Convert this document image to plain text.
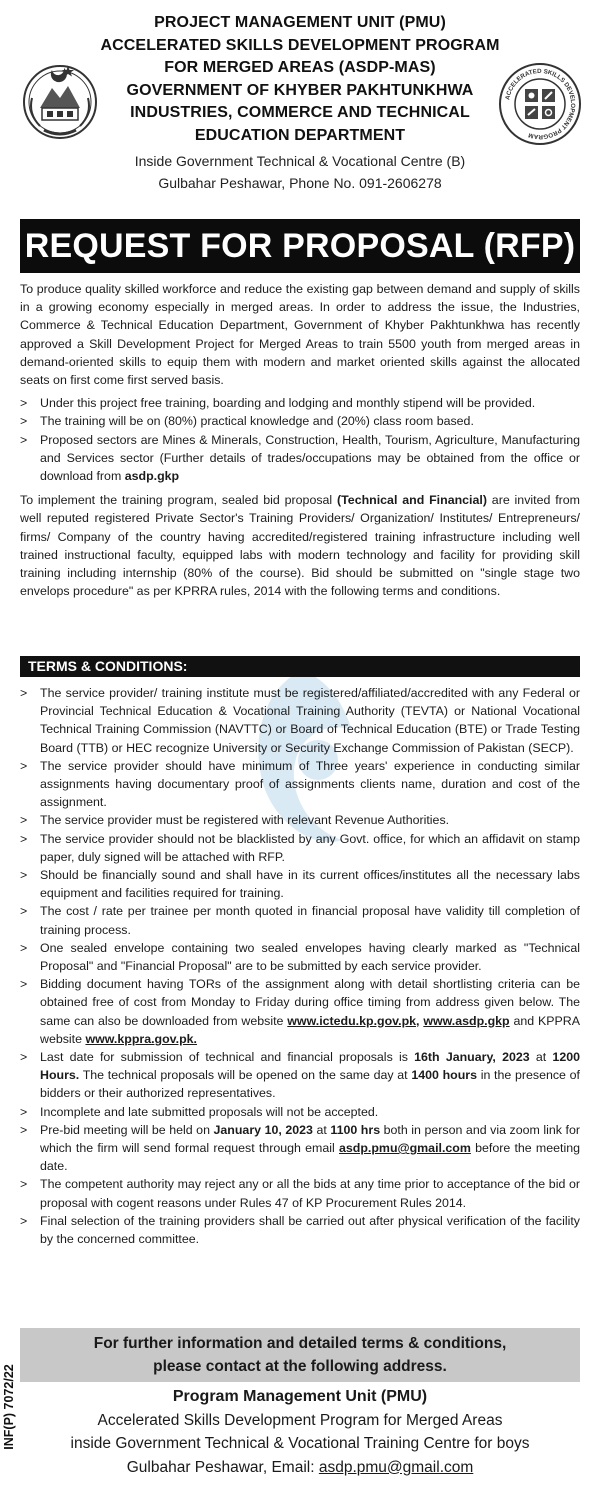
ACCELERATED SKILLS DEVELOPMENT PROGRAM
PROJECT MANAGEMENT UNIT (PMU)
ACCELERATED SKILLS DEVELOPMENT PROGRAM
FOR MERGED AREAS (ASDP-MAS)
GOVERNMENT OF KHYBER PAKHTUNKHWA
INDUSTRIES, COMMERCE AND TECHNICAL
EDUCATION DEPARTMENT
Inside Government Technical & Vocational Centre (B)
Gulbahar Peshawar, Phone No. 091-2606278
REQUEST FOR PROPOSAL (RFP)
To produce quality skilled workforce and reduce the existing gap between demand and supply of skills in a growing economy especially in merged areas. In order to address the issue, the Industries, Commerce & Technical Education Department, Government of Khyber Pakhtunkhwa has recently approved a Skill Development Project for Merged Areas to train 5500 youth from merged areas in demand-oriented skills to equip them with modern and market oriented skills against the allocated seats on first come first served basis.
> Under this project free training, boarding and lodging and monthly stipend will be provided.
> The training will be on (80%) practical knowledge and (20%) class room based.
> Proposed sectors are Mines & Minerals, Construction, Health, Tourism, Agriculture, Manufacturing and Services sector (Further details of trades/occupations may be obtained from the office or download from asdp.gkp
To implement the training program, sealed bid proposal (Technical and Financial) are invited from well reputed registered Private Sector's Training Providers/ Organization/ Institutes/ Entrepreneurs/ firms/ Company of the country having accredited/registered training infrastructure including well trained instructional faculty, equipped labs with modern technology and facility for providing skill training including internship (80% of the course). Bid should be submitted on "single stage two envelops procedure" as per KPRRA rules, 2014 with the following terms and conditions.
TERMS & CONDITIONS:
> The service provider/ training institute must be registered/affiliated/accredited with any Federal or Provincial Technical Education & Vocational Training Authority (TEVTA) or National Vocational Technical Training Commission (NAVTTC) or Board of Technical Education (BTE) or Trade Testing Board (TTB) or HEC recognize University or Security Exchange Commission of Pakistan (SECP).
> The service provider should have minimum of Three years' experience in conducting similar assignments having documentary proof of assignments clients name, duration and cost of the assignment.
> The service provider must be registered with relevant Revenue Authorities.
> The service provider should not be blacklisted by any Govt. office, for which an affidavit on stamp paper, duly signed will be attached with RFP.
> Should be financially sound and shall have in its current offices/institutes all the necessary labs equipment and facilities required for training.
> The cost / rate per trainee per month quoted in financial proposal have validity till completion of training process.
> One sealed envelope containing two sealed envelopes having clearly marked as "Technical Proposal" and "Financial Proposal" are to be submitted by each service provider.
> Bidding document having TORs of the assignment along with detail shortlisting criteria can be obtained free of cost from Monday to Friday during office timing from address given below. The same can also be downloaded from website www.ictedu.kp.gov.pk, www.asdp.gkp and KPPRA website www.kppra.gov.pk.
> Last date for submission of technical and financial proposals is 16th January, 2023 at 1200 Hours. The technical proposals will be opened on the same day at 1400 hours in the presence of bidders or their authorized representatives.
> Incomplete and late submitted proposals will not be accepted.
> Pre-bid meeting will be held on January 10, 2023 at 1100 hrs both in person and via zoom link for which the firm will send formal request through email asdp.pmu@gmail.com before the meeting date.
> The competent authority may reject any or all the bids at any time prior to acceptance of the bid or proposal with cogent reasons under Rules 47 of KP Procurement Rules 2014.
> Final selection of the training providers shall be carried out after physical verification of the facility by the concerned committee.
INF(P) 7072/22
For further information and detailed terms & conditions,
please contact at the following address.
Program Management Unit (PMU)
Accelerated Skills Development Program for Merged Areas
inside Government Technical & Vocational Training Centre for boys
Gulbahar Peshawar, Email: asdp.pmu@gmail.com
